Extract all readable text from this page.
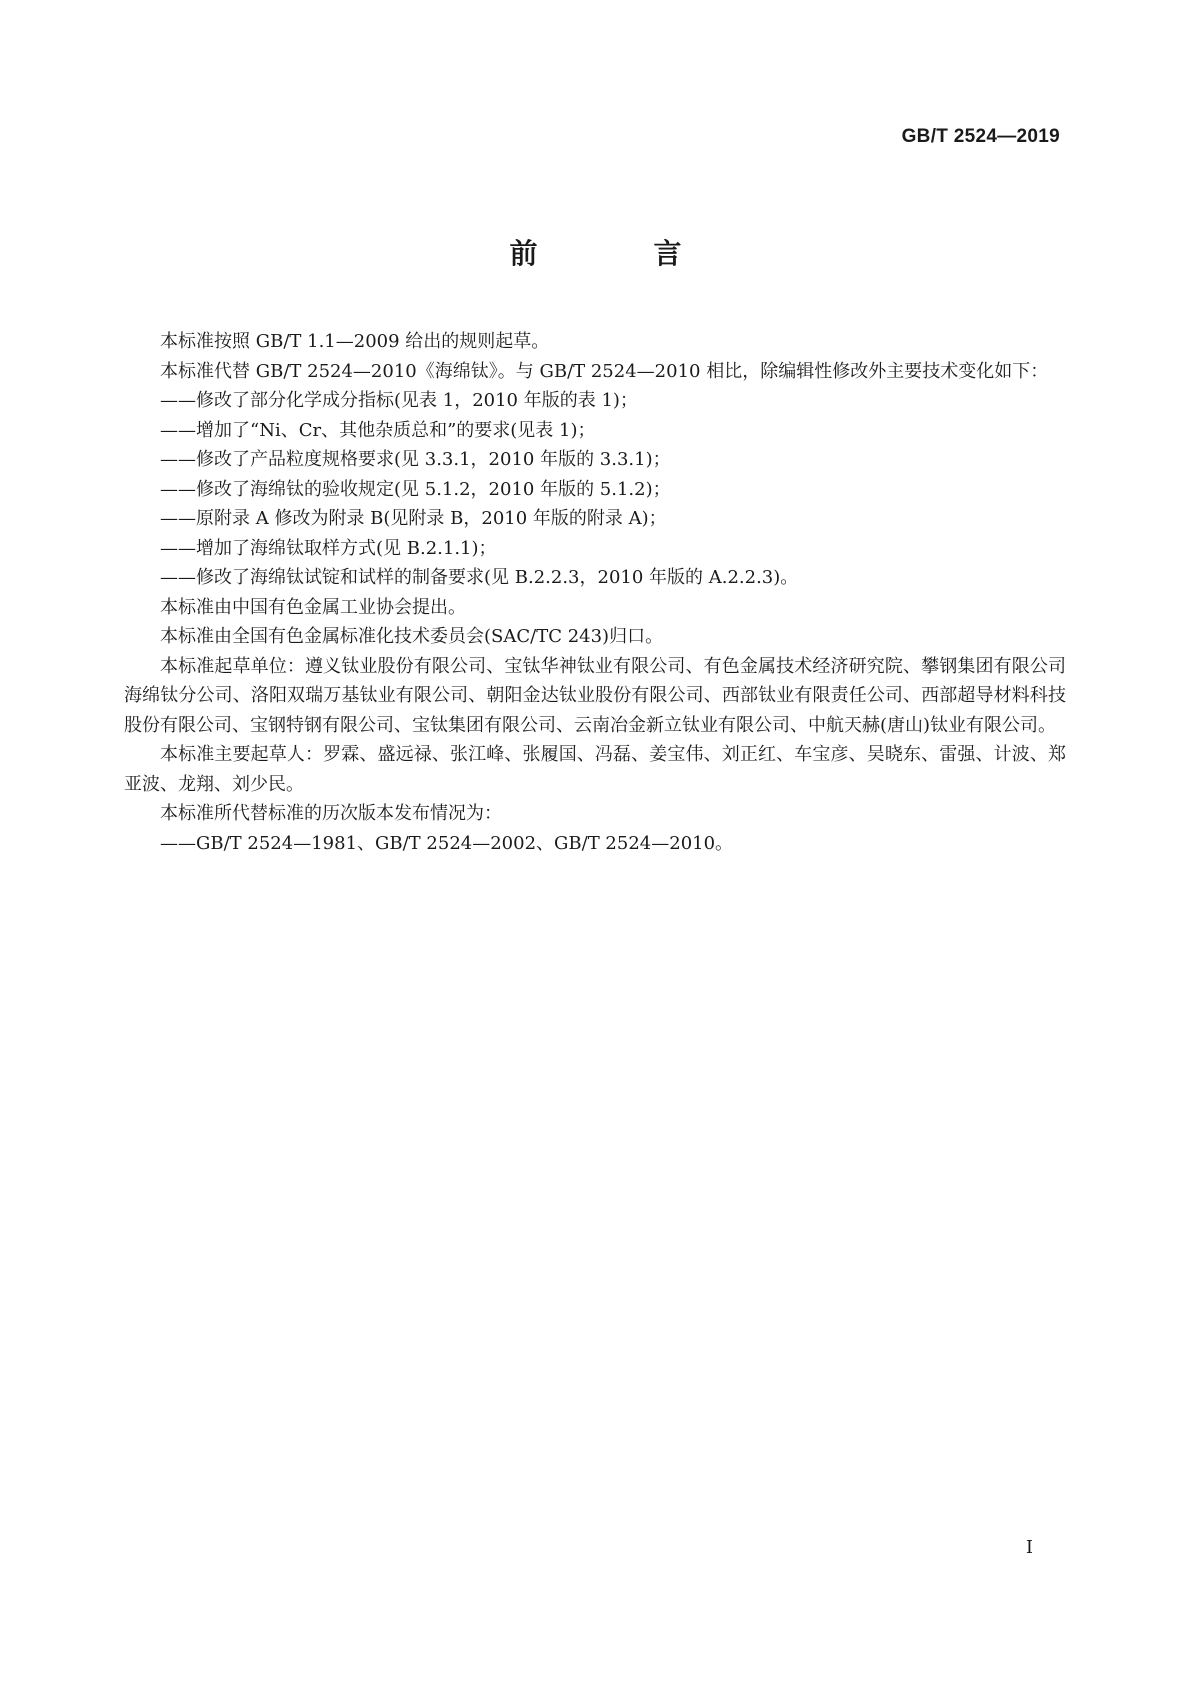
GB/T 2524—2019
前　言

本标准按照 GB/T 1.1—2009 给出的规则起草。

本标准代替 GB/T 2524—2010《海绵钛》。与 GB/T 2524—2010 相比，除编辑性修改外主要技术变化如下：

——修改了部分化学成分指标(见表 1，2010 年版的表 1)；

——增加了“Ni、Cr、其他杂质总和”的要求(见表 1)；

——修改了产品粒度规格要求(见 3.3.1，2010 年版的 3.3.1)；

——修改了海绵钛的验收规定(见 5.1.2，2010 年版的 5.1.2)；

——原附录 A 修改为附录 B(见附录 B，2010 年版的附录 A)；

——增加了海绵钛取样方式(见 B.2.1.1)；

——修改了海绵钛试锭和试样的制备要求(见 B.2.2.3，2010 年版的 A.2.2.3)。

本标准由中国有色金属工业协会提出。

本标准由全国有色金属标准化技术委员会(SAC/TC 243)归口。

本标准起草单位：遵义钛业股份有限公司、宝钛华神钛业有限公司、有色金属技术经济研究院、攀钢集团有限公司海绵钛分公司、洛阳双瑞万基钛业有限公司、朝阳金达钛业股份有限公司、西部钛业有限责任公司、西部超导材料科技股份有限公司、宝钢特钢有限公司、宝钛集团有限公司、云南冶金新立钛业有限公司、中航天赫(唐山)钛业有限公司。

本标准主要起草人：罗霖、盛远禄、张江峰、张履国、冯磊、姜宝伟、刘正红、车宝彦、吴晓东、雷强、计波、郑亚波、龙翔、刘少民。

本标准所代替标准的历次版本发布情况为：

——GB/T 2524—1981、GB/T 2524—2002、GB/T 2524—2010。

I
